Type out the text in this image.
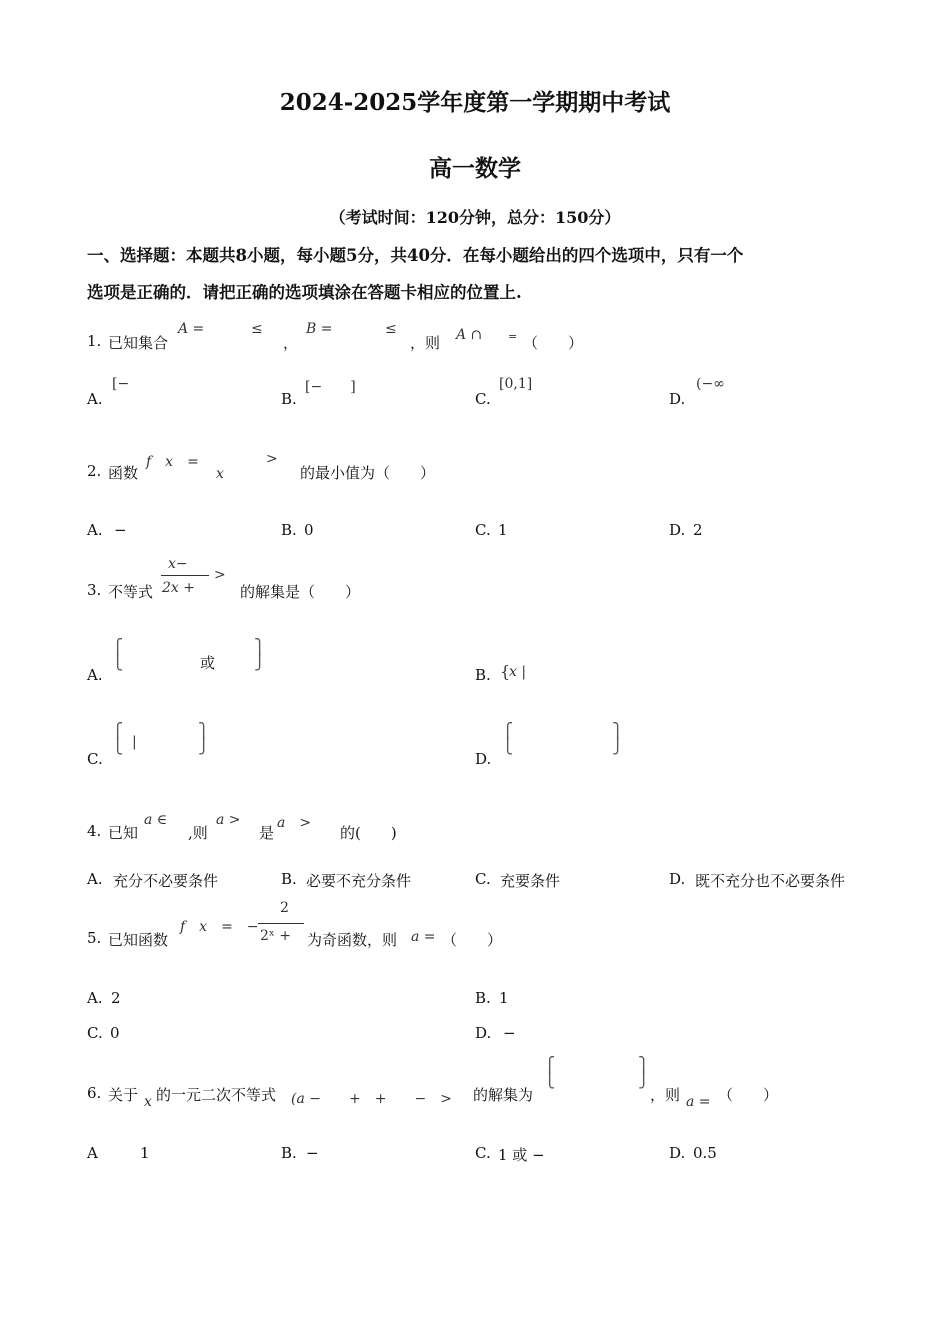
2024-2025学年度第一学期期中考试
高一数学
（考试时间：120分钟，总分：150分）
一、选择题：本题共8小题，每小题5分，共40分．在每小题给出的四个选项中，只有一个
选项是正确的．请把正确的选项填涂在答题卡相应的位置上.
1. 已知集合
A =	≤
，
B =	≤
，则 A ∩ = （　　）
A.
[−
B.
[−　　]
C.
[0,1]
D.
(−∞
2. 函数
f　x　=
x
>
的最小值为（　　）
A. −	B. 0	C. 1	D. 2
3. 不等式
x−
2x +
>
的解集是（　　）
A.
⎧
⎩	或
⎫
⎭
B. {
x |
C.
⎧
⎩ |
⎫
⎭
D.
⎧
⎩
⎫
⎭
4. 已知
a ∈
,则
a >
是
a　>
的(　　)
A. 充分不必要条件	B. 必要不充分条件	C. 充要条件	D. 既不充分也不必要条件
5. 已知函数
f　x　=　−
2
2ˣ + 为奇函数，则 a = （　　）
A. 2	B. 1
C. 0	D. −
6. 关于 x 的一元二次不等式 (a −　　+　+　　−　> 的解集为
⎧
⎩
⎫
⎭
，则 a = （　　）
A	1	B. −	C. 1 或 −	D. 0.5
